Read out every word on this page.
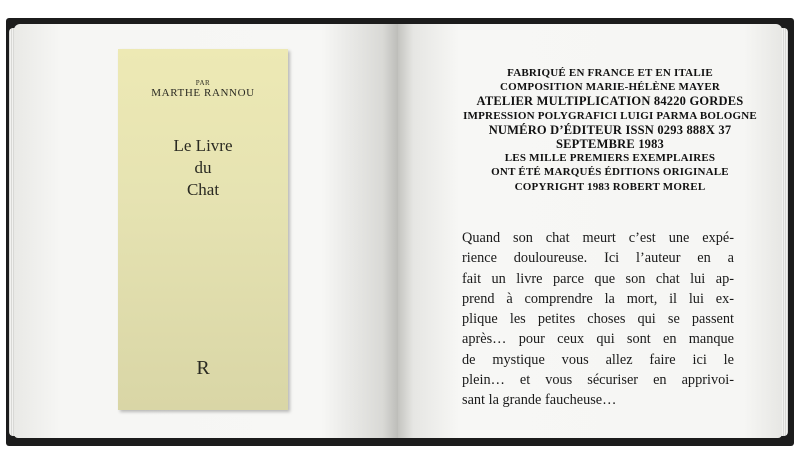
PAR
MARTHE RANNOU
Le Livre
du
Chat
R
FABRIQUÉ EN FRANCE ET EN ITALIE
COMPOSITION MARIE-HÉLÈNE MAYER
ATELIER MULTIPLICATION 84220 GORDES
IMPRESSION POLYGRAFICI LUIGI PARMA BOLOGNE
NUMÉRO D’ÉDITEUR ISSN 0293 888X 37
SEPTEMBRE 1983
LES MILLE PREMIERS EXEMPLAIRES
ONT ÉTÉ MARQUÉS ÉDITIONS ORIGINALE
COPYRIGHT 1983 ROBERT MOREL
Quand son chat meurt c’est une expé-
rience douloureuse. Ici l’auteur en a
fait un livre parce que son chat lui ap-
prend à comprendre la mort, il lui ex-
plique les petites choses qui se passent
après… pour ceux qui sont en manque
de mystique vous allez faire ici le
plein… et vous sécuriser en apprivoi-
sant la grande faucheuse…
